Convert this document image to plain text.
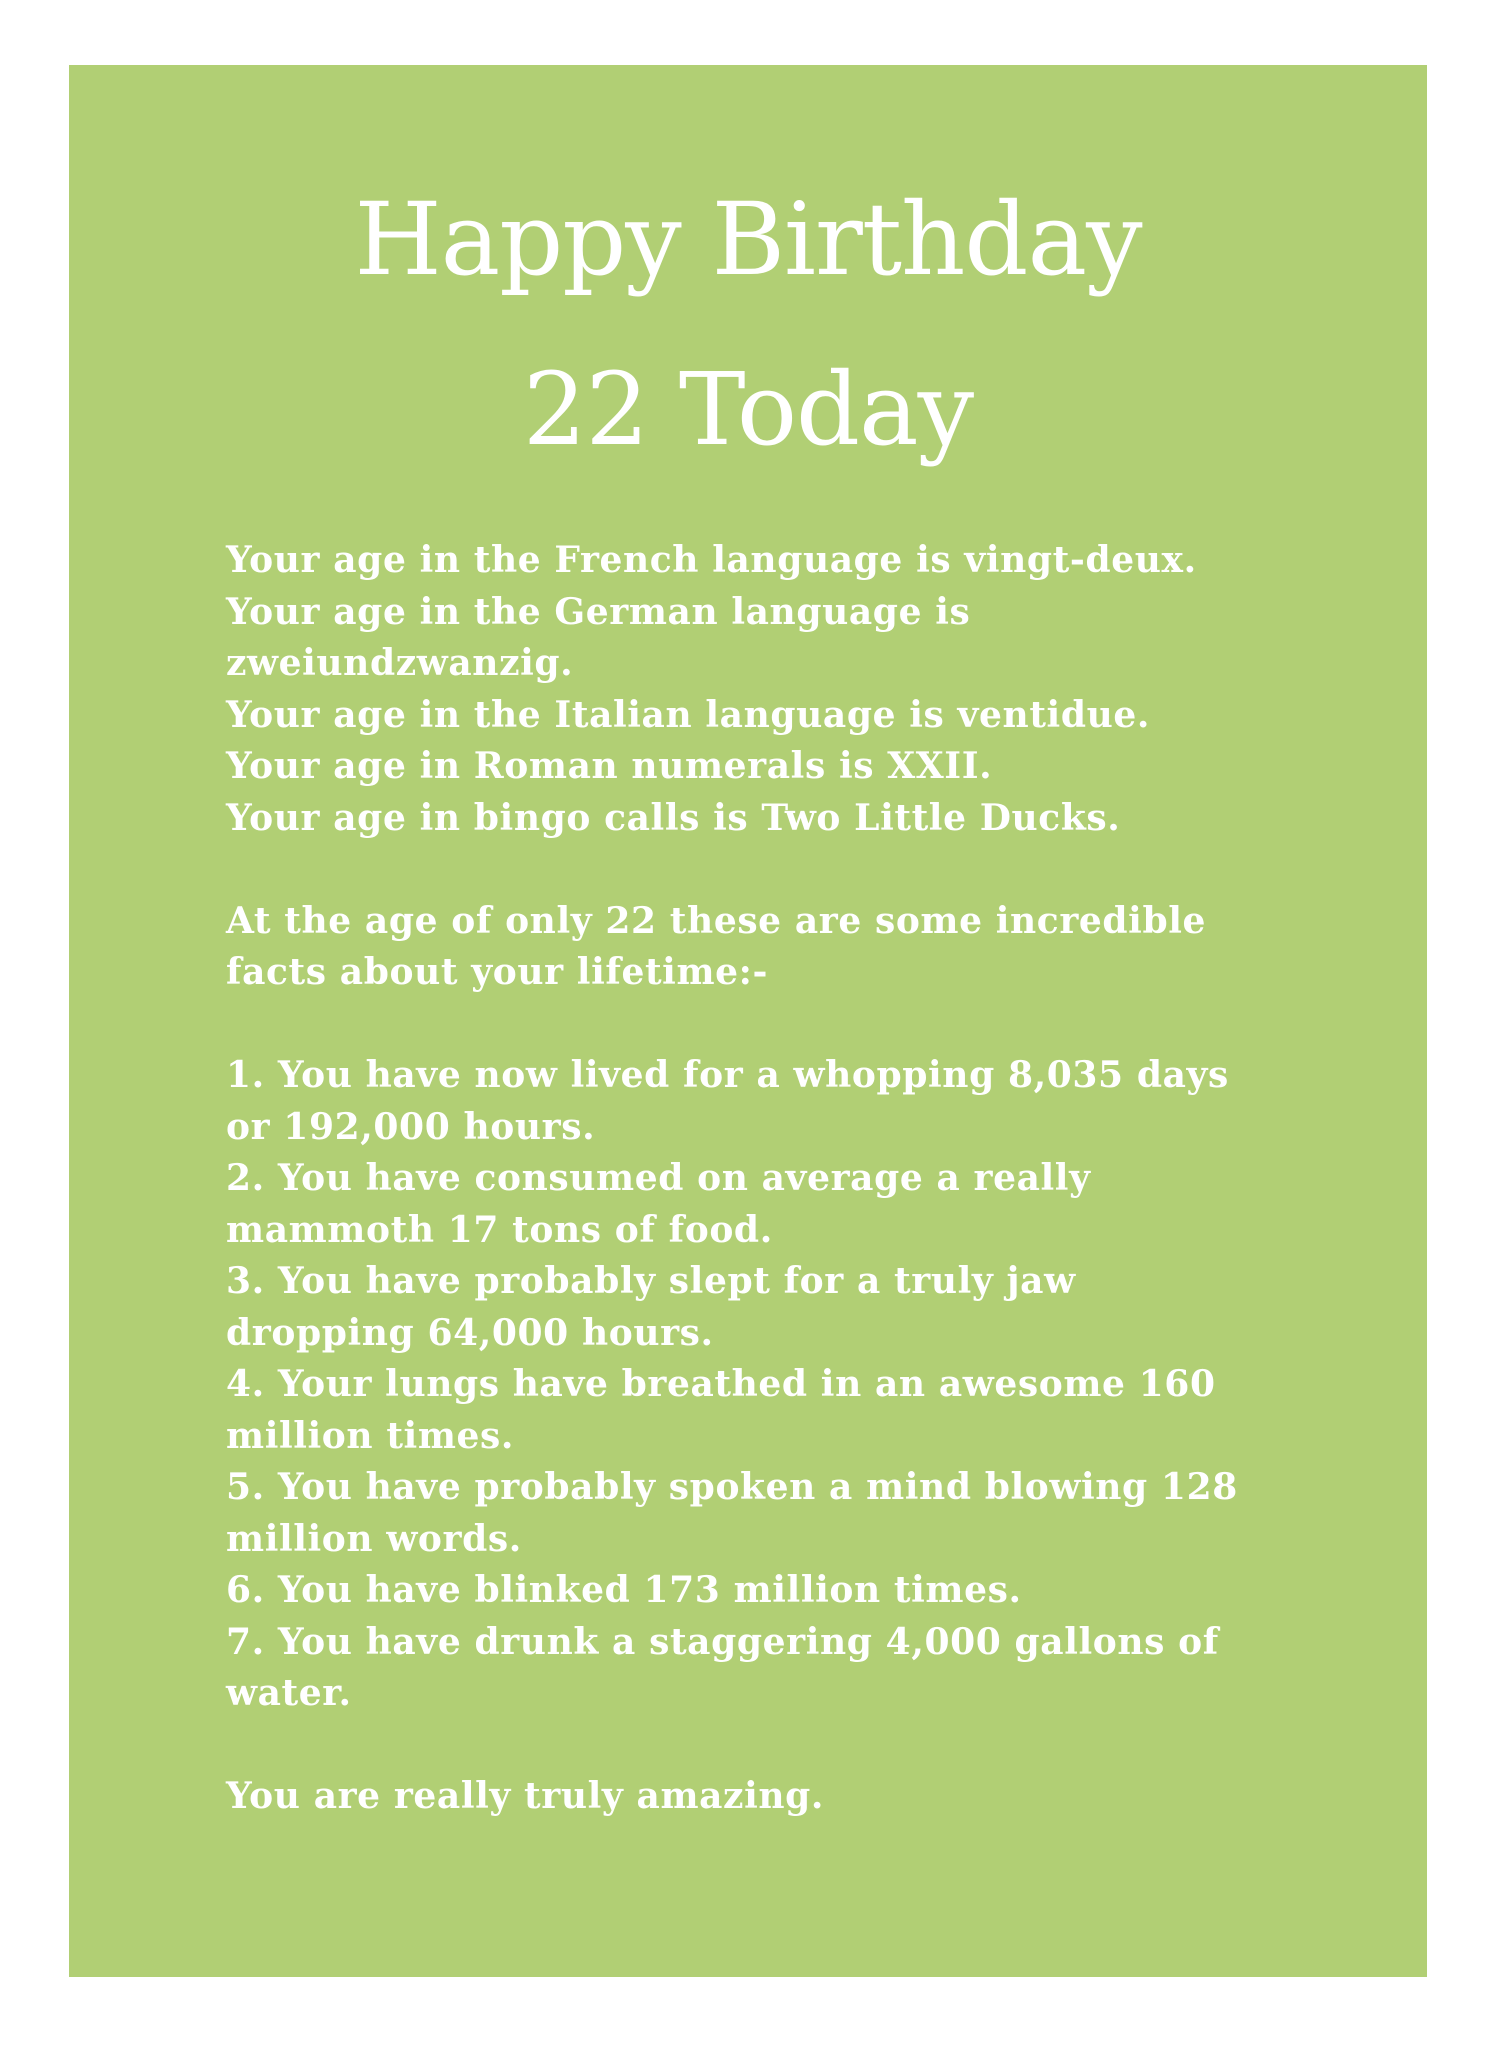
Happy Birthday
22 Today
Your age in the French language is vingt-deux.
Your age in the German language is
zweiundzwanzig.
Your age in the Italian language is ventidue.
Your age in Roman numerals is XXII.
Your age in bingo calls is Two Little Ducks.
At the age of only 22 these are some incredible
facts about your lifetime:-
1. You have now lived for a whopping 8,035 days
or 192,000 hours.
2. You have consumed on average a really
mammoth 17 tons of food.
3. You have probably slept for a truly jaw
dropping 64,000 hours.
4. Your lungs have breathed in an awesome 160
million times.
5. You have probably spoken a mind blowing 128
million words.
6. You have blinked 173 million times.
7. You have drunk a staggering 4,000 gallons of
water.
You are really truly amazing.
